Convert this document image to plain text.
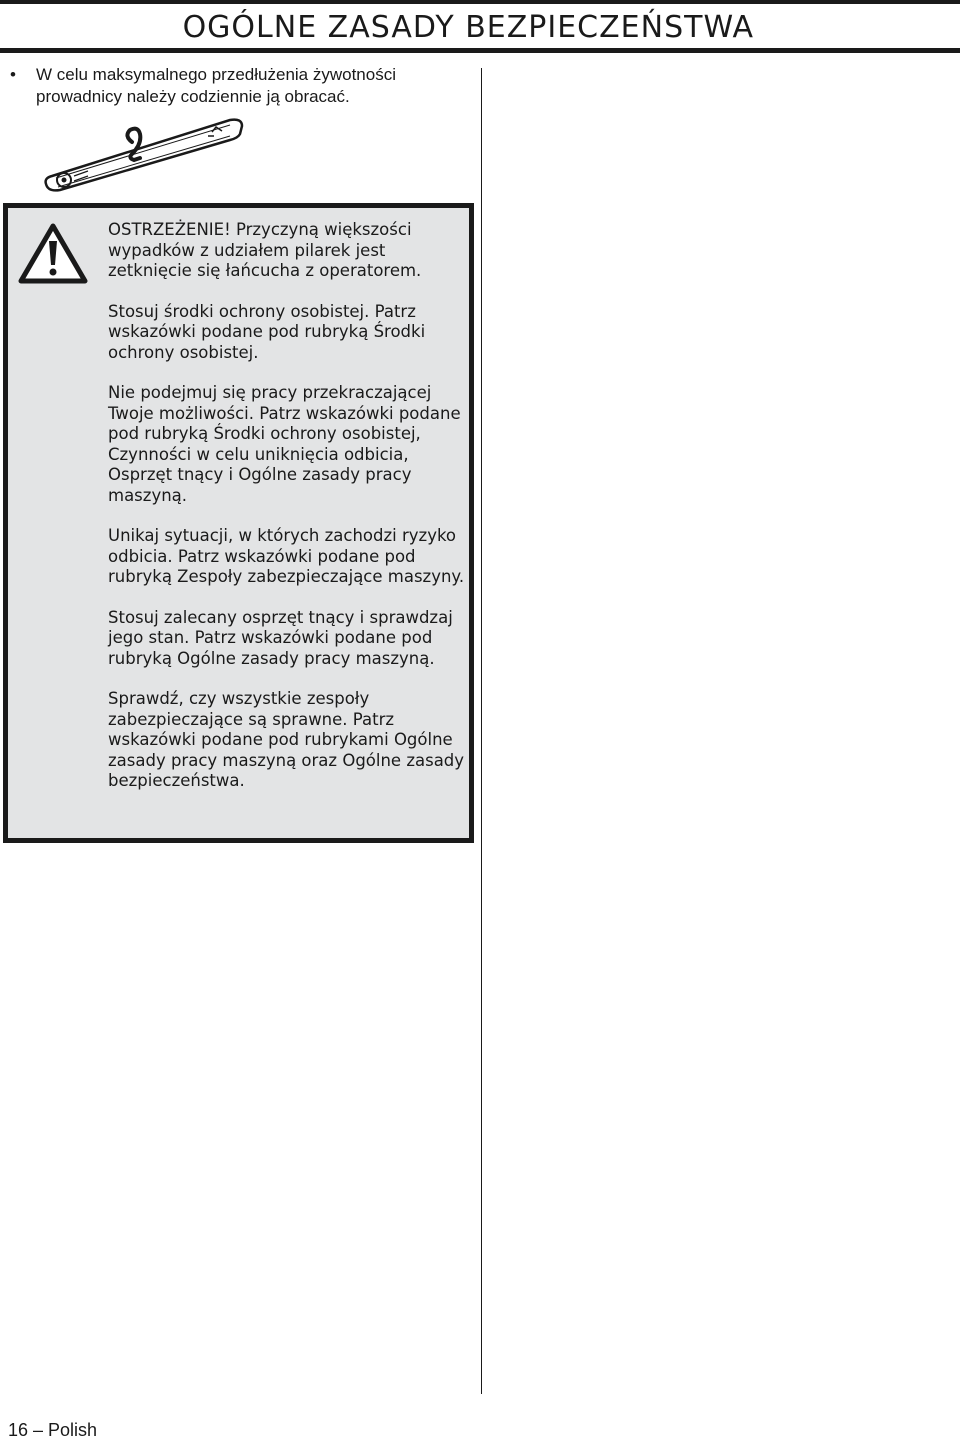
OGÓLNE ZASADY BEZPIECZEŃSTWA
• W celu maksymalnego przedłużenia żywotności prowadnicy należy codziennie ją obracać.

OSTRZEŻENIE! Przyczyną większości wypadków z udziałem pilarek jest zetknięcie się łańcucha z operatorem.

Stosuj środki ochrony osobistej. Patrz wskazówki podane pod rubryką Środki ochrony osobistej.

Nie podejmuj się pracy przekraczającej Twoje możliwości. Patrz wskazówki podane pod rubryką Środki ochrony osobistej, Czynności w celu uniknięcia odbicia, Osprzęt tnący i Ogólne zasady pracy maszyną.

Unikaj sytuacji, w których zachodzi ryzyko odbicia. Patrz wskazówki podane pod rubryką Zespoły zabezpieczające maszyny.

Stosuj zalecany osprzęt tnący i sprawdzaj jego stan. Patrz wskazówki podane pod rubryką Ogólne zasady pracy maszyną.

Sprawdź, czy wszystkie zespoły zabezpieczające są sprawne. Patrz wskazówki podane pod rubrykami Ogólne zasady pracy maszyną oraz Ogólne zasady bezpieczeństwa.

16 – Polish
